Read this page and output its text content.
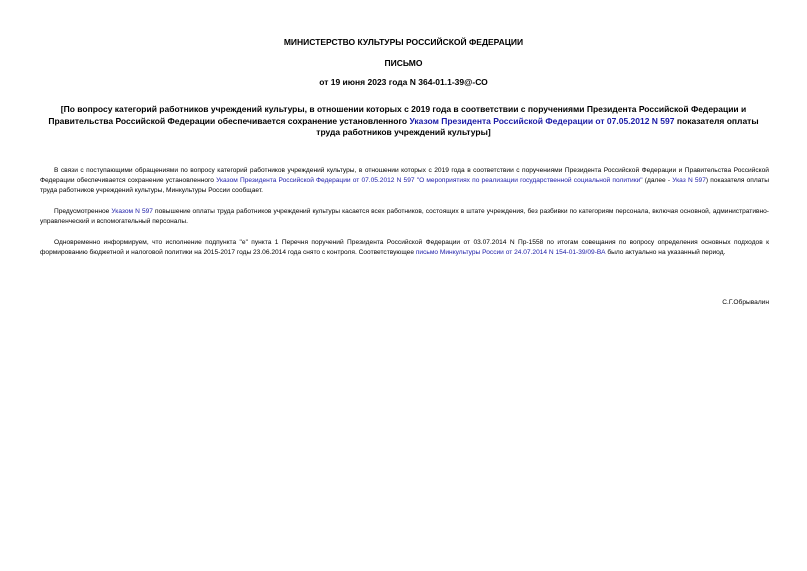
МИНИСТЕРСТВО КУЛЬТУРЫ РОССИЙСКОЙ ФЕДЕРАЦИИ
ПИСЬМО
от 19 июня 2023 года N 364-01.1-39@-СО
[По вопросу категорий работников учреждений культуры, в отношении которых с 2019 года в соответствии с поручениями Президента Российской Федерации и Правительства Российской Федерации обеспечивается сохранение установленного Указом Президента Российской Федерации от 07.05.2012 N 597 показателя оплаты труда работников учреждений культуры]
В связи с поступающими обращениями по вопросу категорий работников учреждений культуры, в отношении которых с 2019 года в соответствии с поручениями Президента Российской Федерации и Правительства Российской Федерации обеспечивается сохранение установленного Указом Президента Российской Федерации от 07.05.2012 N 597 "О мероприятиях по реализации государственной социальной политики" (далее - Указ N 597) показателя оплаты труда работников учреждений культуры, Минкультуры России сообщает.
Предусмотренное Указом N 597 повышение оплаты труда работников учреждений культуры касается всех работников, состоящих в штате учреждения, без разбивки по категориям персонала, включая основной, административно-управленческий и вспомогательный персоналы.
Одновременно информируем, что исполнение подпункта "е" пункта 1 Перечня поручений Президента Российской Федерации от 03.07.2014 N Пр-1558 по итогам совещания по вопросу определения основных подходов к формированию бюджетной и налоговой политики на 2015-2017 годы 23.06.2014 года снято с контроля. Соответствующее письмо Минкультуры России от 24.07.2014 N 154-01-39/09-ВА было актуально на указанный период.
С.Г.Обрывалин
